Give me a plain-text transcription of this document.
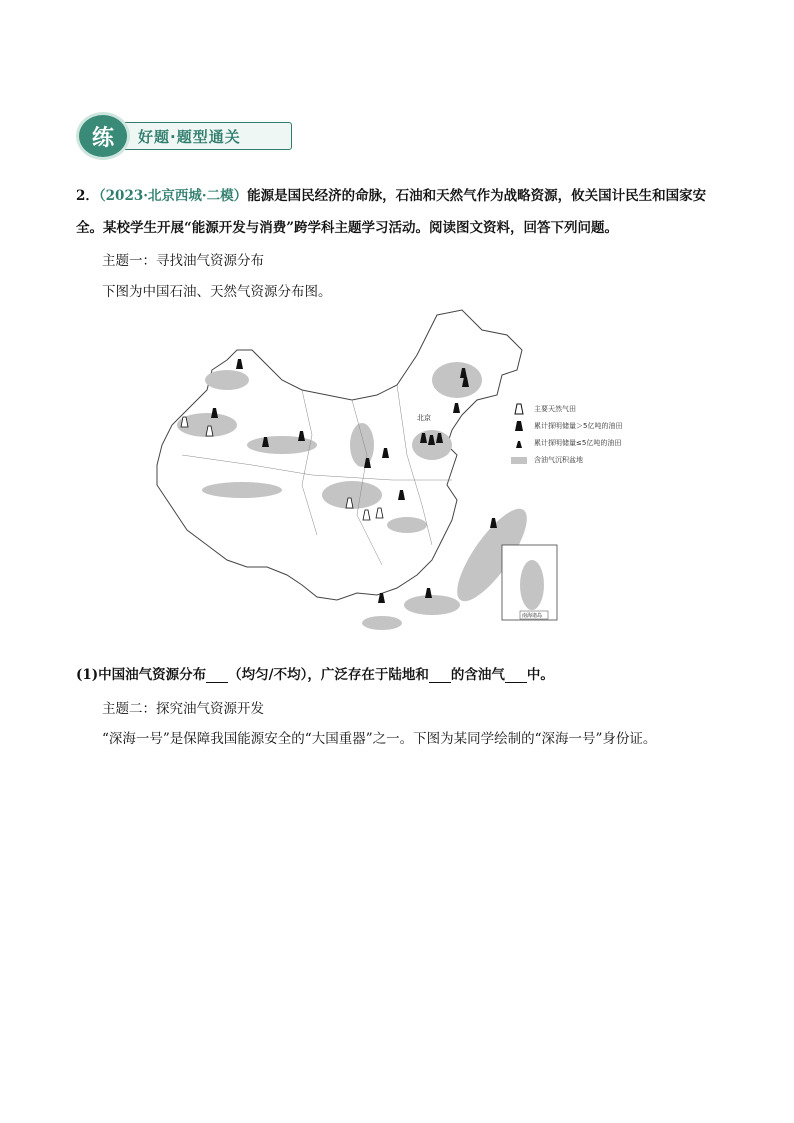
练	好题·题型通关
2．（2023·北京西城·二模）能源是国民经济的命脉，石油和天然气作为战略资源，攸关国计民生和国家安
全。某校学生开展“能源开发与消费”跨学科主题学习活动。阅读图文资料，回答下列问题。
主题一：寻找油气资源分布
下图为中国石油、天然气资源分布图。
北京
南海诸岛
主要天然气田
累计探明储量＞5亿吨的油田
累计探明储量≤5亿吨的油田
含油气沉积盆地
(1)中国油气资源分布 （均匀/不均），广泛存在于陆地和 的含油气 中。
主题二：探究油气资源开发
“深海一号”是保障我国能源安全的“大国重器”之一。下图为某同学绘制的“深海一号”身份证。
